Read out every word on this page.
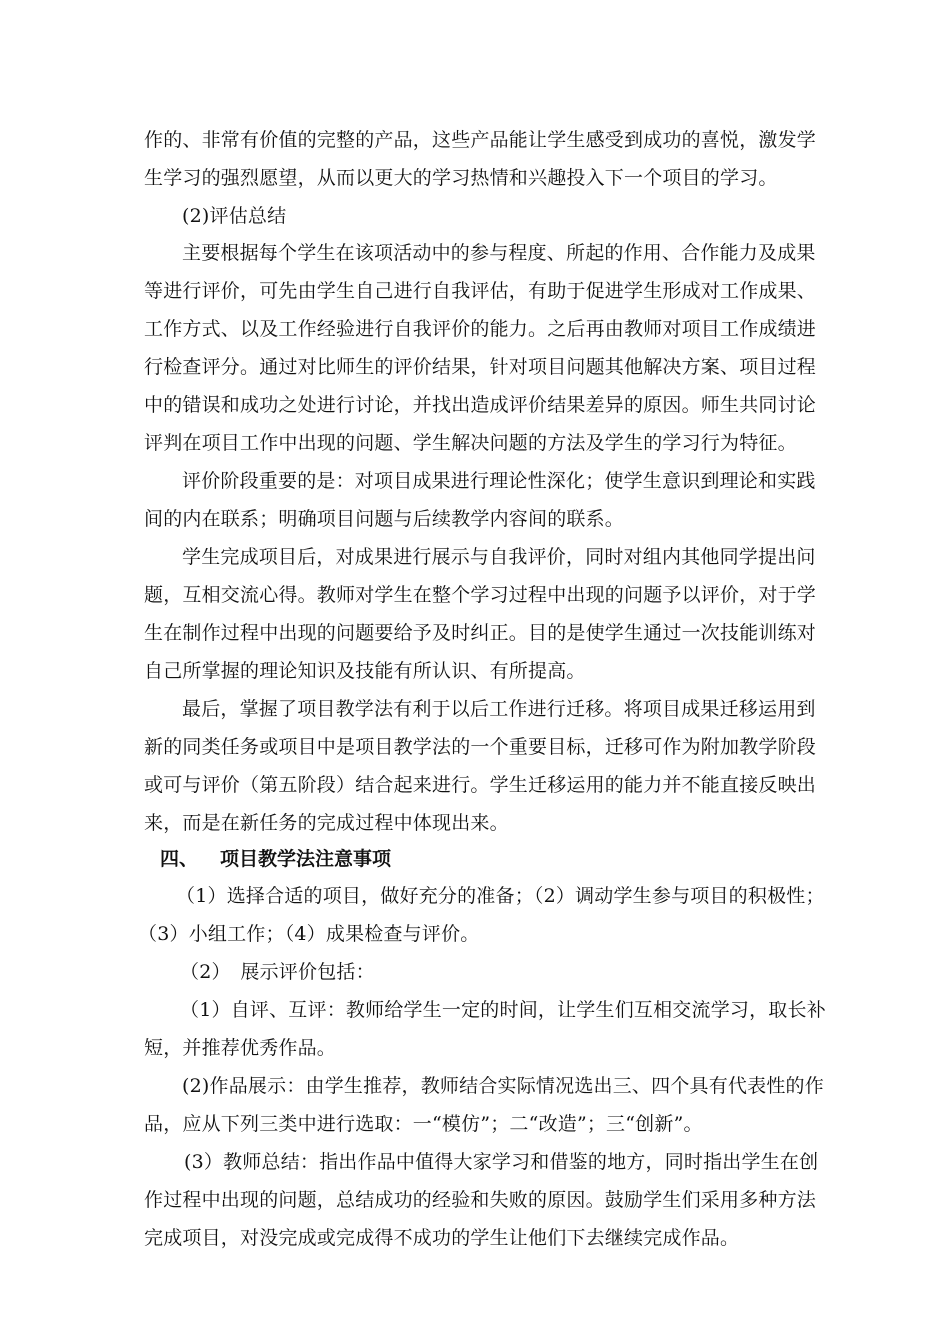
作的、非常有价值的完整的产品，这些产品能让学生感受到成功的喜悦，激发学
生学习的强烈愿望，从而以更大的学习热情和兴趣投入下一个项目的学习。
(2)评估总结
主要根据每个学生在该项活动中的参与程度、所起的作用、合作能力及成果
等进行评价，可先由学生自己进行自我评估，有助于促进学生形成对工作成果、
工作方式、以及工作经验进行自我评价的能力。之后再由教师对项目工作成绩进
行检查评分。通过对比师生的评价结果，针对项目问题其他解决方案、项目过程
中的错误和成功之处进行讨论，并找出造成评价结果差异的原因。师生共同讨论
评判在项目工作中出现的问题、学生解决问题的方法及学生的学习行为特征。
评价阶段重要的是：对项目成果进行理论性深化；使学生意识到理论和实践
间的内在联系；明确项目问题与后续教学内容间的联系。
学生完成项目后，对成果进行展示与自我评价，同时对组内其他同学提出问
题，互相交流心得。教师对学生在整个学习过程中出现的问题予以评价，对于学
生在制作过程中出现的问题要给予及时纠正。目的是使学生通过一次技能训练对
自己所掌握的理论知识及技能有所认识、有所提高。
最后，掌握了项目教学法有利于以后工作进行迁移。将项目成果迁移运用到
新的同类任务或项目中是项目教学法的一个重要目标，迁移可作为附加教学阶段
或可与评价（第五阶段）结合起来进行。学生迁移运用的能力并不能直接反映出
来，而是在新任务的完成过程中体现出来。
四、 项目教学法注意事项
（1）选择合适的项目，做好充分的准备；（2）调动学生参与项目的积极性；
（3）小组工作；（4）成果检查与评价。
（2）　展示评价包括：
（1）自评、互评：教师给学生一定的时间，让学生们互相交流学习，取长补
短，并推荐优秀作品。
(2)作品展示：由学生推荐，教师结合实际情况选出三、四个具有代表性的作
品，应从下列三类中进行选取：一“模仿”；二“改造”；三“创新”。
(3）教师总结：指出作品中值得大家学习和借鉴的地方，同时指出学生在创
作过程中出现的问题，总结成功的经验和失败的原因。鼓励学生们采用多种方法
完成项目，对没完成或完成得不成功的学生让他们下去继续完成作品。
